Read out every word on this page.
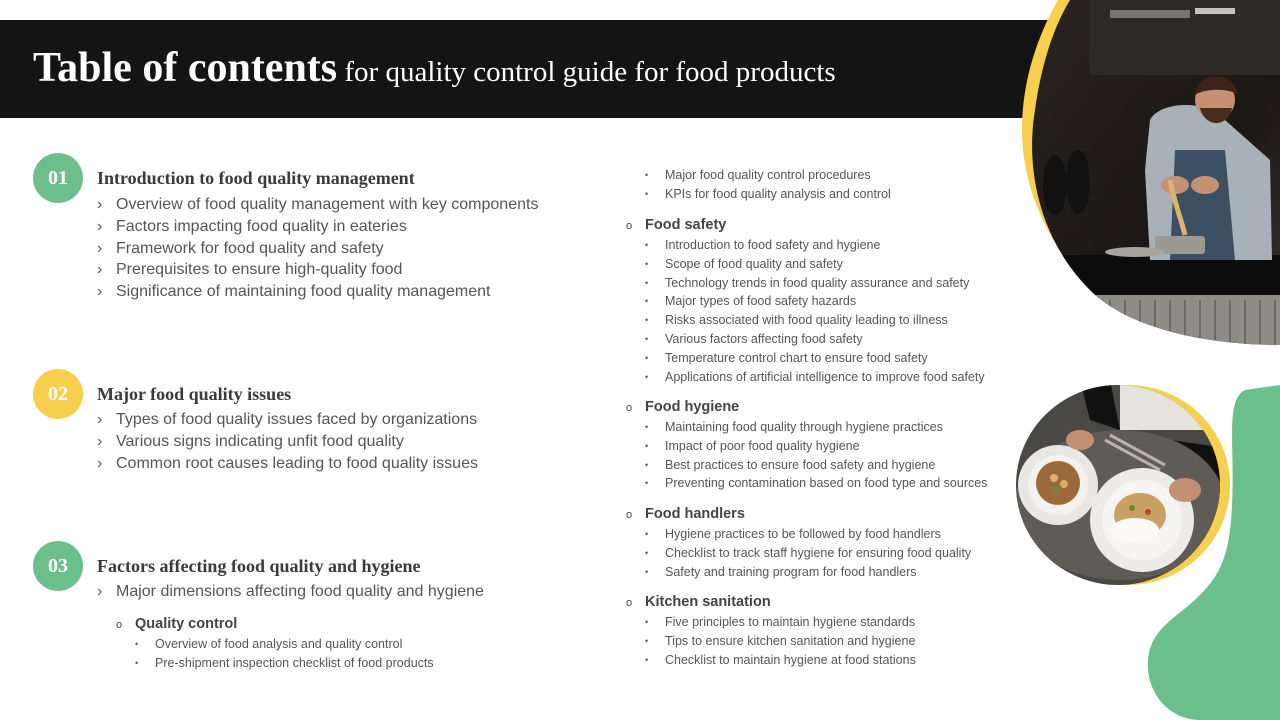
Table of contents for quality control guide for food products
01	Introduction to food quality management
› Overview of food quality management with key components
› Factors impacting food quality in eateries
› Framework for food quality and safety
› Prerequisites to ensure high-quality food
› Significance of maintaining food quality management
02	Major food quality issues
› Types of food quality issues faced by organizations
› Various signs indicating unfit food quality
› Common root causes leading to food quality issues
03	Factors affecting food quality and hygiene
› Major dimensions affecting food quality and hygiene
o Quality control
• Overview of food analysis and quality control
• Pre-shipment inspection checklist of food products
• Major food quality control procedures
• KPIs for food quality analysis and control
o Food safety
• Introduction to food safety and hygiene
• Scope of food quality and safety
• Technology trends in food quality assurance and safety
• Major types of food safety hazards
• Risks associated with food quality leading to illness
• Various factors affecting food safety
• Temperature control chart to ensure food safety
• Applications of artificial intelligence to improve food safety
o Food hygiene
• Maintaining food quality through hygiene practices
• Impact of poor food quality hygiene
• Best practices to ensure food safety and hygiene
• Preventing contamination based on food type and sources
o Food handlers
• Hygiene practices to be followed by food handlers
• Checklist to track staff hygiene for ensuring food quality
• Safety and training program for food handlers
o Kitchen sanitation
• Five principles to maintain hygiene standards
• Tips to ensure kitchen sanitation and hygiene
• Checklist to maintain hygiene at food stations
